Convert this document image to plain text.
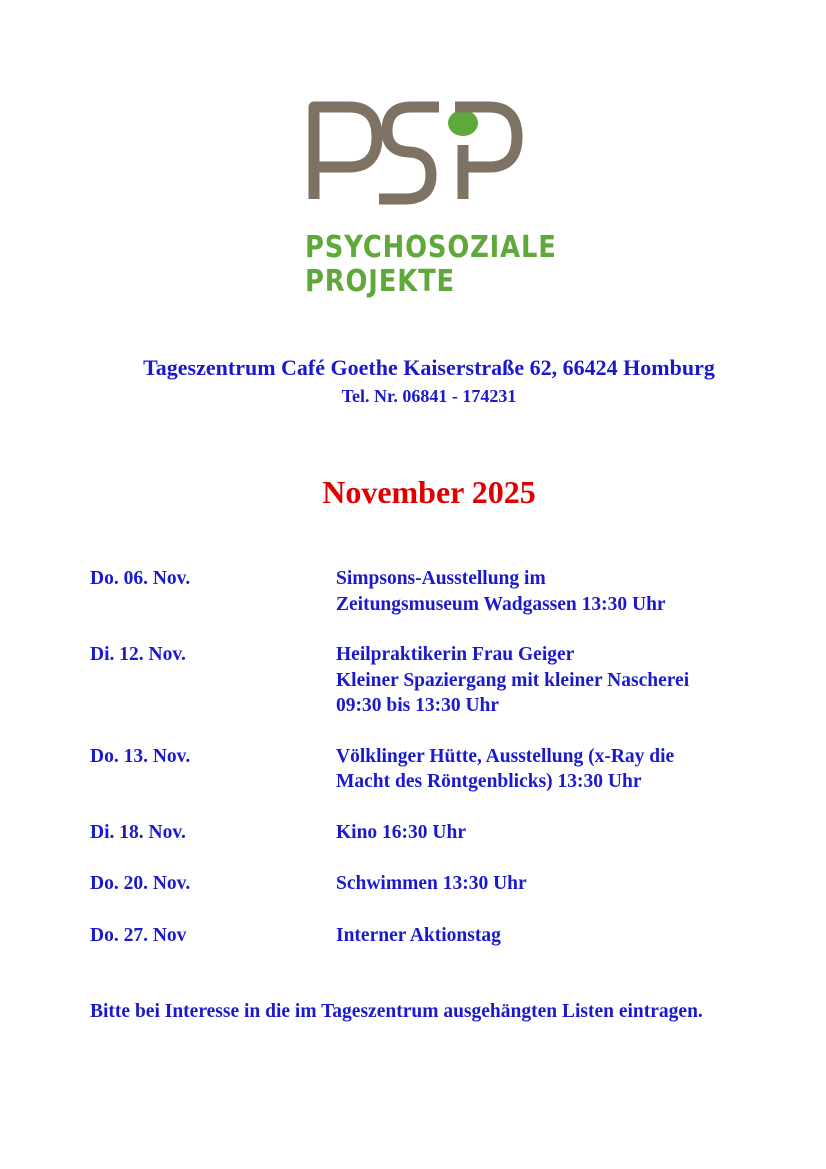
PSYCHOSOZIALE
PROJEKTE
Tageszentrum Café Goethe Kaiserstraße 62, 66424 Homburg
Tel. Nr. 06841 - 174231
November 2025
Do. 06. Nov.	Simpsons-Ausstellung im
Zeitungsmuseum Wadgassen 13:30 Uhr
Di. 12. Nov.	Heilpraktikerin Frau Geiger
Kleiner Spaziergang mit kleiner Nascherei
09:30 bis 13:30 Uhr
Do. 13. Nov.	Völklinger Hütte, Ausstellung (x-Ray die
Macht des Röntgenblicks) 13:30 Uhr
Di. 18. Nov.	Kino 16:30 Uhr
Do. 20. Nov.	Schwimmen 13:30 Uhr
Do. 27. Nov	Interner Aktionstag
Bitte bei Interesse in die im Tageszentrum ausgehängten Listen eintragen.
